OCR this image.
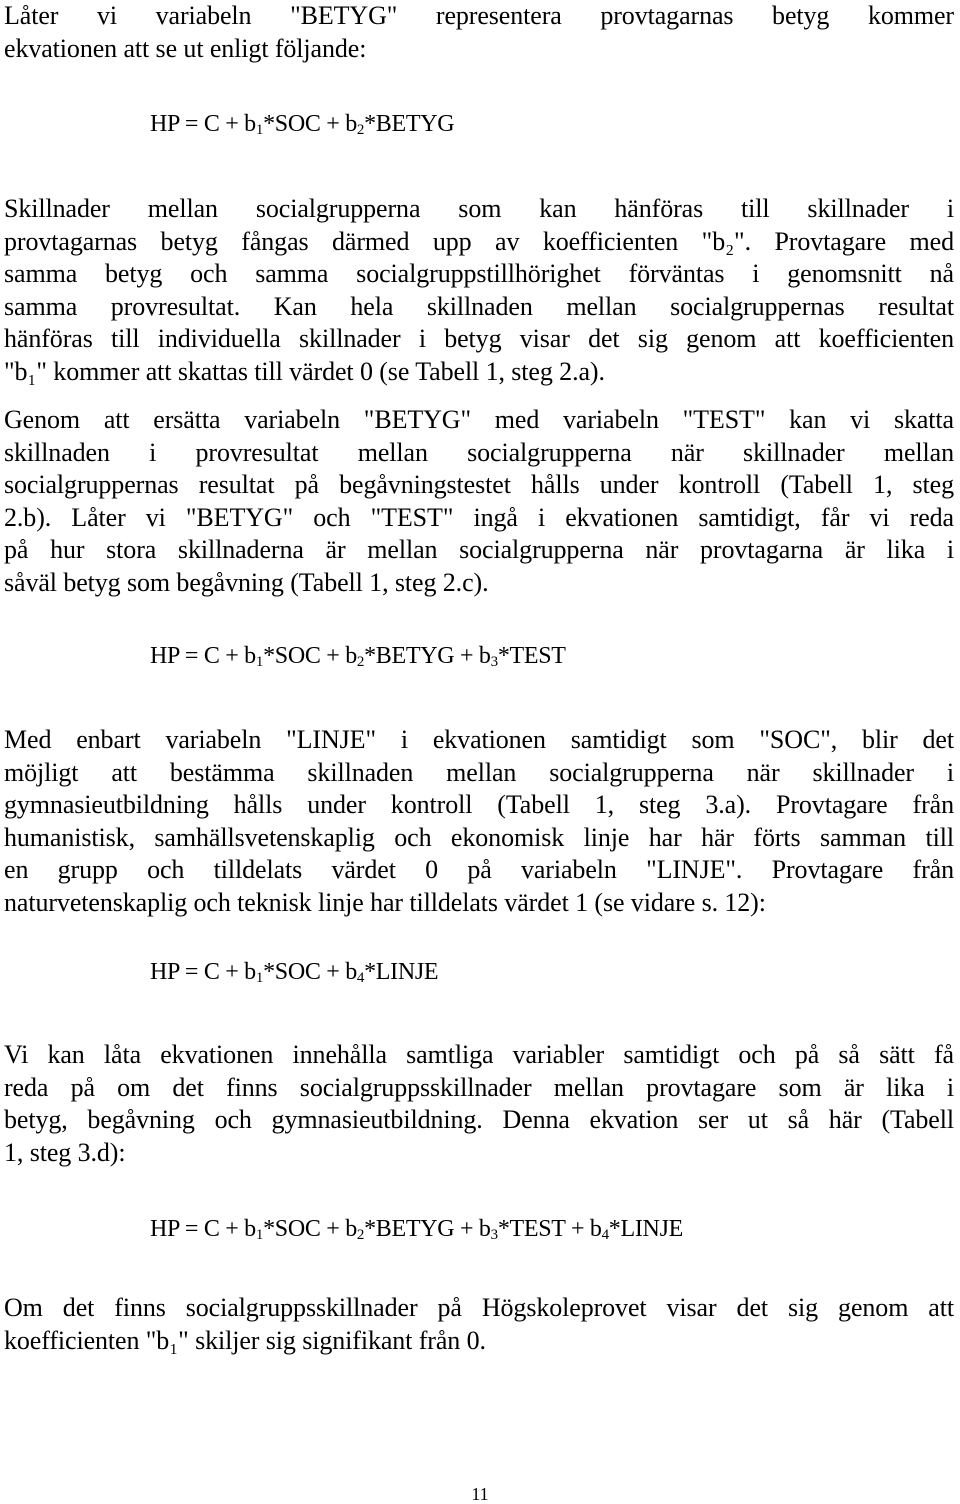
Låter vi variabeln "BETYG" representera provtagarnas betyg kommer
ekvationen att se ut enligt följande:
HP = $C + b_1*SOC$ + $b_2*BETYG$
Skillnader mellan socialgrupperna som kan hänföras till skillnader i
provtagarnas betyg fångas därmed upp av koefficienten "b₂". Provtagare med
samma betyg och samma socialgruppstillhörighet förväntas i genomsnitt nå
samma provresultat. Kan hela skillnaden mellan socialgruppernas resultat
hänföras till individuella skillnader i betyg visar det sig genom att koefficienten
"b₁" kommer att skattas till värdet 0 (se Tabell 1, steg 2.a).
Genom att ersätta variabeln "BETYG" med variabeln "TEST" kan vi skatta
skillnaden i provresultat mellan socialgrupperna när skillnader mellan
socialgruppernas resultat på begåvningstestet hålls under kontroll (Tabell 1, steg
2.b). Låter vi "BETYG" och "TEST" ingå i ekvationen samtidigt, får vi reda
på hur stora skillnaderna är mellan socialgrupperna när provtagarna är lika i
såväl betyg som begåvning (Tabell 1, steg 2.c).
HP = $C + b_1*SOC$ + $b_2*BETYG$ + $b_3*TEST$
Med enbart variabeln "LINJE" i ekvationen samtidigt som "SOC", blir det
möjligt att bestämma skillnaden mellan socialgrupperna när skillnader i
gymnasieutbildning hålls under kontroll (Tabell 1, steg 3.a). Provtagare från
humanistisk, samhällsvetenskaplig och ekonomisk linje har här förts samman till
en grupp och tilldelats värdet 0 på variabeln "LINJE". Provtagare från
naturvetenskaplig och teknisk linje har tilldelats värdet 1 (se vidare s. 12):
HP = $C + b_1*SOC$ + $b_4*LINJE$
Vi kan låta ekvationen innehålla samtliga variabler samtidigt och på så sätt få
reda på om det finns socialgruppsskillnader mellan provtagare som är lika i
betyg, begåvning och gymnasieutbildning. Denna ekvation ser ut så här (Tabell
1, steg 3.d):
HP = $C + b_1*SOC$ + $b_2*BETYG$ + $b_3*TEST$ + $b_4*LINJE$
Om det finns socialgruppsskillnader på Högskoleprovet visar det sig genom att
koefficienten "b₁" skiljer sig signifikant från 0.
11
